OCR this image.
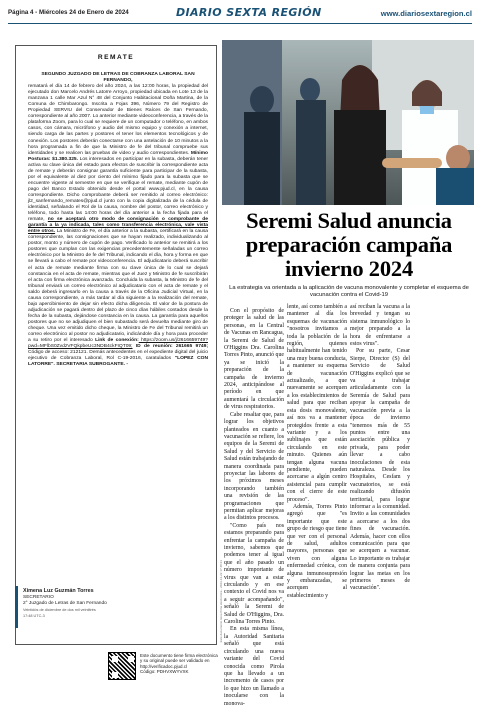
Página 4 - Miércoles 24 de Enero de 2024	DIARIO SEXTA REGIÓN	www.diariosextaregion.cl
REMATE

SEGUNDO JUZGADO DE LETRAS DE COBRANZA LABORAL SAN FERNANDO,

rematará el día 14 de febrero del año 2024, a las 12:00 horas, la propiedad del ejecutado don Marcelo Andrés Latorre Arroyo, propiedad ubicada en Lote 13 de la manzana 1 calle Mar Azul N° 48 del Conjunto Habitacional Doña Martina, de la Comuna de Chimbarongo. Inscrita a Fojas 396, Número 79 del Registro de Propiedad SERVIU del Conservador de Bienes Raíces de San Fernando, correspondiente al año 2007. Lo anterior mediante videoconferencia, a través de la plataforma Zoom, para lo cual se requiere de un computador o teléfono, en ambos casos, con cámara, micrófono y audio del mismo equipo y conexión a internet, siendo carga de las partes y postores el tener los elementos tecnológicos y de conexión. Los postores deberán conectarse con una antelación de 10 minutos a la hora programada a fin de que la Ministro de fe del tribunal compruebe sus identidades y se realicen las pruebas de video y audio correspondientes. Mínimo Posturas: $1.380.325. Los interesados en participar en la subasta, deberán tener activa su clave única del estado para efectos de suscribir la correspondiente acta de remate y deberán consignar garantía suficiente para participar de la subasta, por el equivalente al diez por ciento del mínimo fijado para la subasta que se encuentre vigente al semestre en que se verifique el remate, mediante cupón de pago del Banco Estado obtenido desde el portal www.pjud.cl, en la causa correspondiente. Dicho comprobante deberá ser remitido al correo electrónico: jl2_sanfernando_remates@pjud.cl junto con la copia digitalizada de la cédula de identidad, señalando el Rol de la causa, nombre del postor, correo electrónico y teléfono, todo hasta las 14:00 horas del día anterior a la fecha fijada para el remate, no se aceptará otro modo de consignación o comprobante de garantía a la ya indicada, tales como transferencia electrónica, vale vista entre otros. La Ministro de Fe, el día anterior a la subasta, certificará en la causa correspondiente, las consignaciones que se hayan realizado, individualizando al postor, monto y número de cupón de pago. Verificado lo anterior se remitirá a los postores que cumplan con las exigencias precedentemente señaladas un correo electrónico por la Ministro de fe del Tribunal, indicando el día, hora y forma en que se llevará a cabo el remate por videoconferencia. El adjudicatario deberá suscribir el acta de remate mediante firma con su clave única de lo cual se dejará constancia en el acta de remate, mientras que el Juez y Ministro de fe suscribirán el acta con firma electrónica avanzada. Concluida la subasta, la Ministro de fe del tribunal enviará un correo electrónico al adjudicatario con el acta de remate y el saldo deberá ingresarlo en la causa a través de la Oficina Judicial Virtual, en la causa correspondiente, a más tardar al día siguiente a la realización del remate, bajo apercibimiento de dejar sin efecto dicha diligencia. El valor de la postura de adjudicación se pagará dentro del plazo de cinco días hábiles contados desde la fecha de la subasta, dejándose constancia en la causa. La garantía para aquellos postores que no se adjudiquen el bien subastado será devuelta mediante giro de cheque. Una vez emitido dicho cheque, la Ministro de Fe del Tribunal remitirá un correo electrónico al postor no adjudicatario, indicándole día y hora para proceder a su retiro por el interesado Link de conexión: https://zoom.us/j/2616659749?pwd=MFlbS0ZvdzVFQkpbeUc3NDB4ckFIQT09; ID de reunión: 261665 9749; Código de acceso: 212121. Demás antecedentes en el expediente digital del juicio ejecutivo de Cobranza Laboral, Rol C-19-2016, caratulados "LOPEZ CON LATORRE". SECRETARIA SUBROGANTE. -

Ximena Luz Guzmán Torres
SECRETARIO
2° Juzgado de Letras de San Fernando
Veintidós de diciembre de dos mil veintitrés
17:48 UTC-3
Este documento tiene firma electrónica y su original puede ser validado en http://verificadoc.pjud.cl
Código: PDHVXWYVXK
Este documento tiene firma electrónica - 2023-12-22 17:48:31
Seremi Salud anuncia preparación campaña invierno 2024
La estrategia va orientada a la aplicación de vacuna monovalente y completar el esquema de vacunación contra el Covid-19

Con el propósito de proteger la salud de las personas, en la Central de Vacunas en Rancagua, la Seremi de Salud de O'Higgins Dra. Carolina Torres Pinto, anunció que ya se inició la preparación de la campaña de invierno 2024, anticipándose al período en que aumentará la circulación de virus respiratorios.

Cabe resaltar que, para lograr los objetivos planteados en cuanto a vacunación se refiere, los equipos de la Seremi de Salud y del Servicio de Salud están trabajando de manera coordinada para proyectar las labores de los próximos meses incorporando también una revisión de las programaciones que permitan aplicar mejoras a los distintos procesos.

"Como país nos estamos preparando para enfrentar la campaña de invierno, sabemos que podemos tener al igual que el año pasado un número importante de virus que van a estar circulando y en ese contexto el Covid nos va a seguir acompañando", señaló la Seremi de Salud de O'Higgins, Dra. Carolina Torres Pinto.

En esta misma línea, la Autoridad Sanitaria señaló que está circulando una nueva variante del Covid conocida como Pirola que ha llevado a un incremento de casos por lo que hizo un llamado a inocularse con la monova-

lente, así como también a mantener al día los esquemas de vacunación "nosotros invitamos a toda la población de la región, quienes habitualmente han tenido una muy buena conducta, a mantener su esquema de vacunación actualizado, a que nuevamente se acerquen a los establecimientos de salud para que reciban esta dosis monovalente, así nos va a mantener protegidos frente a esta variante y a los sublinajes que están circulando en este minuto. Quienes aún tengan alguna vacuna pendiente, pueden acercarse a algún centro asistencial para cumplir con el cierre de este proceso".

Además, Torres Pinto agregó que "es importante que este grupo de riesgo que tiene que ver con el personal de salud, adultos mayores, personas que viven con alguna enfermedad crónica, con alguna inmunosupresión y embarazadas, se acerquen al establecimiento y

así reciban la vacuna a la brevedad y tengan su sistema inmunológico lo mejor preparado a la hora de enfrentarse a estos virus".

Por su parte, Cesar Sierpe, Director (S) del Servicio de Salud O'Higgins explicó que se va a trabajar articuladamente con la Seremía de Salud para apoyar la campaña de vacunación previa a la época de invierno "tenemos más de 55 puntos entre una asociación pública y privada, para poder llevar a cabo inoculaciones de esta naturaleza. Desde los Hospitales, Cesfam y vacunatorios, se está realizando difusión territorial, para lograr informar a la comunidad. Invito a las comunidades a acercarse a los dos fines de vacunación. Además, hacer con ellos comunicación para que se acerquen a vacunar. Lo importante es trabajar de manera conjunta para lograr las metas en los primeros meses de vacunación".
